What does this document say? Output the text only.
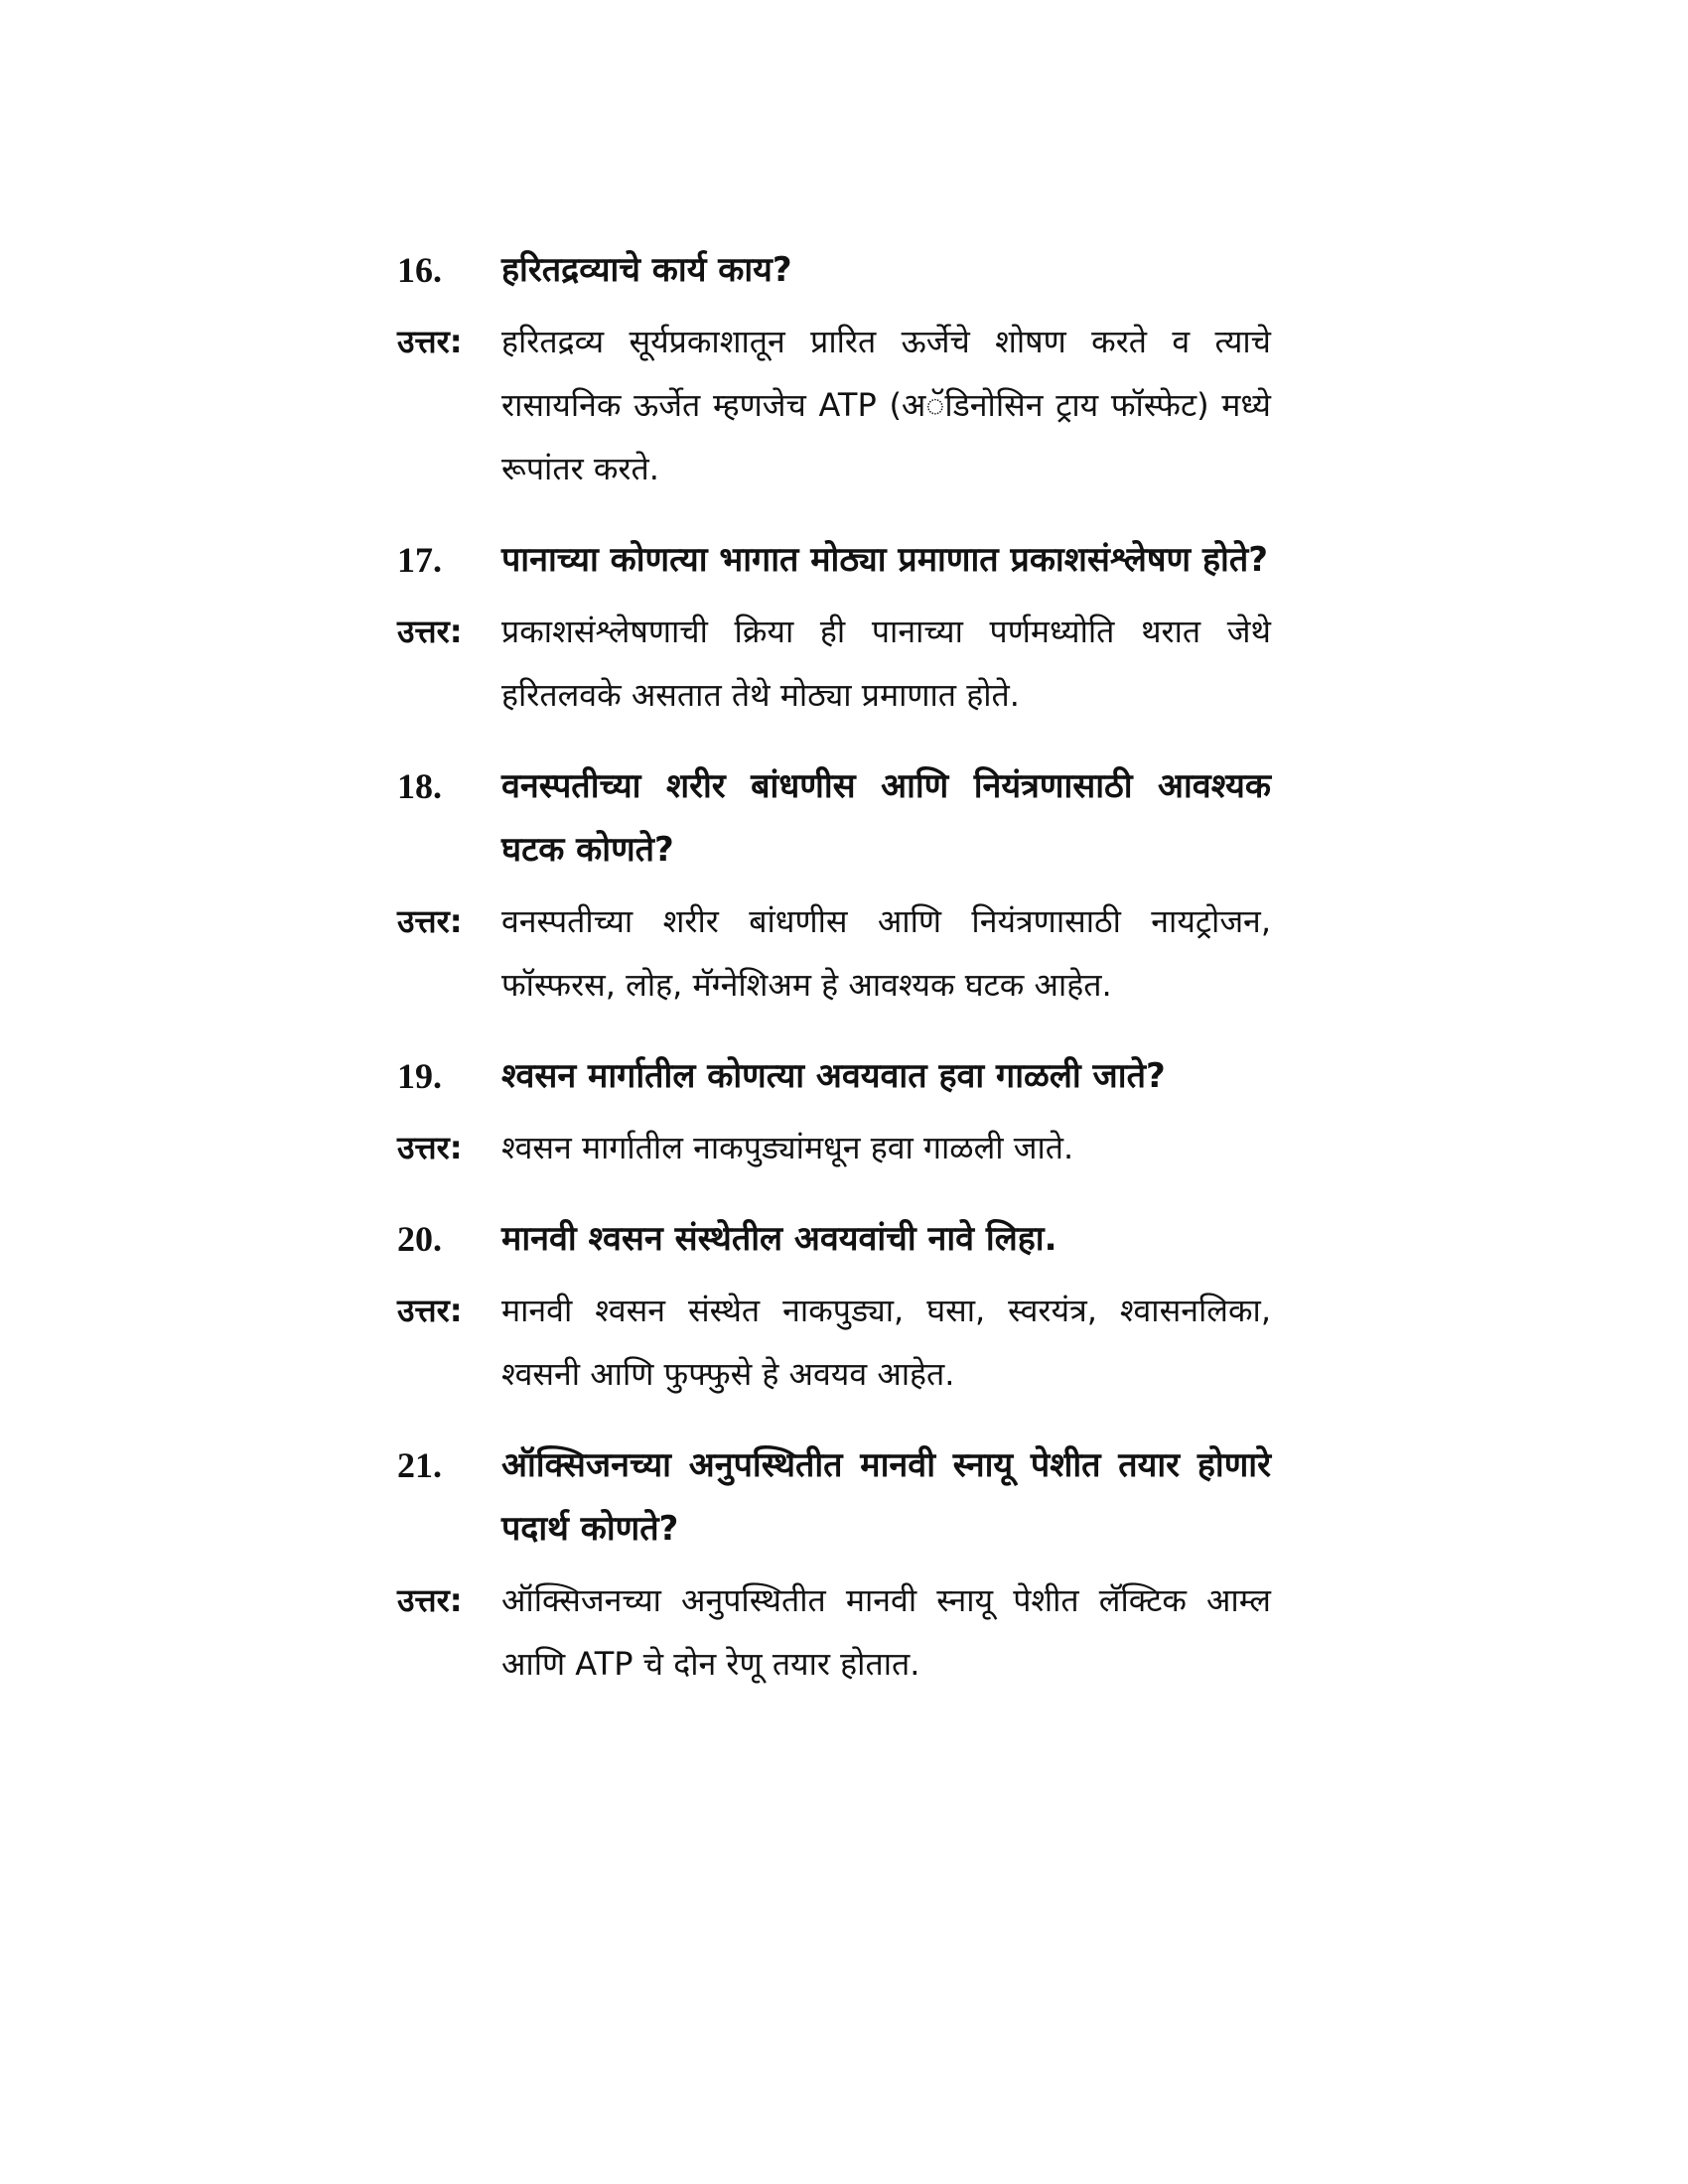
16.	हरितद्रव्याचे कार्य काय?
उत्तर:	हरितद्रव्य सूर्यप्रकाशातून प्रारित ऊर्जेचे शोषण करते व त्याचे रासायनिक ऊर्जेत म्हणजेच ATP (अॅडिनोसिन ट्राय फॉस्फेट) मध्ये रूपांतर करते.
17.	पानाच्या कोणत्या भागात मोठ्या प्रमाणात प्रकाशसंश्लेषण होते?
उत्तर:	प्रकाशसंश्लेषणाची क्रिया ही पानाच्या पर्णमध्योति थरात जेथे हरितलवके असतात तेथे मोठ्या प्रमाणात होते.
18.	वनस्पतीच्या शरीर बांधणीस आणि नियंत्रणासाठी आवश्यक घटक कोणते?
उत्तर:	वनस्पतीच्या शरीर बांधणीस आणि नियंत्रणासाठी नायट्रोजन, फॉस्फरस, लोह, मॅग्नेशिअम हे आवश्यक घटक आहेत.
19.	श्वसन मार्गातील कोणत्या अवयवात हवा गाळली जाते?
उत्तर:	श्वसन मार्गातील नाकपुड्यांमधून हवा गाळली जाते.
20.	मानवी श्वसन संस्थेतील अवयवांची नावे लिहा.
उत्तर:	मानवी श्वसन संस्थेत नाकपुड्या, घसा, स्वरयंत्र, श्वासनलिका, श्वसनी आणि फुफ्फुसे हे अवयव आहेत.
21.	ऑक्सिजनच्या अनुपस्थितीत मानवी स्नायू पेशीत तयार होणारे पदार्थ कोणते?
उत्तर:	ऑक्सिजनच्या अनुपस्थितीत मानवी स्नायू पेशीत लॅक्टिक आम्ल आणि ATP चे दोन रेणू तयार होतात.
